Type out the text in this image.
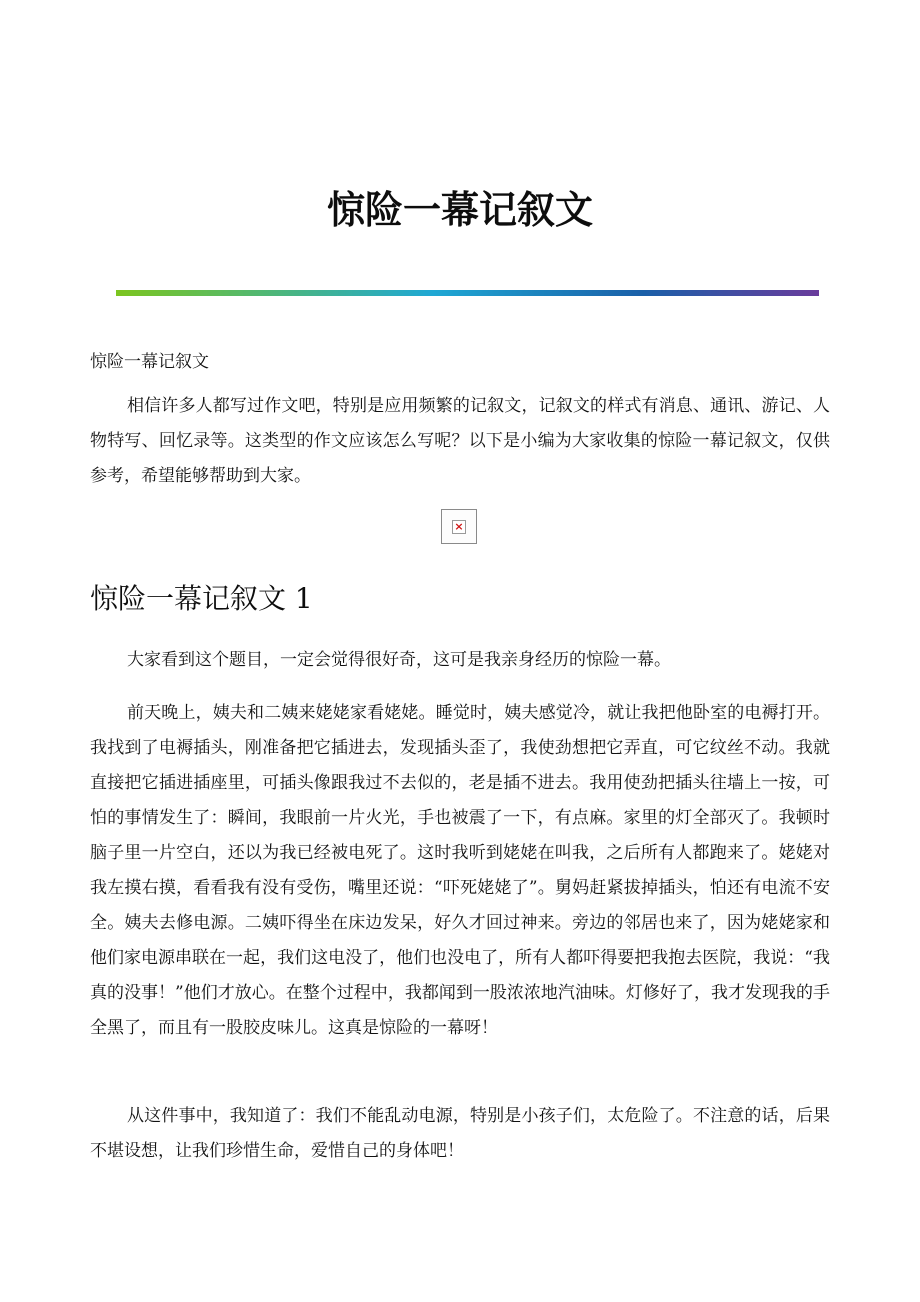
惊险一幕记叙文

惊险一幕记叙文

相信许多人都写过作文吧，特别是应用频繁的记叙文，记叙文的样式有消息、通讯、游记、人物特写、回忆录等。这类型的作文应该怎么写呢？以下是小编为大家收集的惊险一幕记叙文，仅供参考，希望能够帮助到大家。

×
惊险一幕记叙文 1

大家看到这个题目，一定会觉得很好奇，这可是我亲身经历的惊险一幕。

前天晚上，姨夫和二姨来姥姥家看姥姥。睡觉时，姨夫感觉冷，就让我把他卧室的电褥打开。我找到了电褥插头，刚准备把它插进去，发现插头歪了，我使劲想把它弄直，可它纹丝不动。我就直接把它插进插座里，可插头像跟我过不去似的，老是插不进去。我用使劲把插头往墙上一按，可怕的事情发生了：瞬间，我眼前一片火光，手也被震了一下，有点麻。家里的灯全部灭了。我顿时脑子里一片空白，还以为我已经被电死了。这时我听到姥姥在叫我，之后所有人都跑来了。姥姥对我左摸右摸，看看我有没有受伤，嘴里还说：“吓死姥姥了”。舅妈赶紧拔掉插头，怕还有电流不安全。姨夫去修电源。二姨吓得坐在床边发呆，好久才回过神来。旁边的邻居也来了，因为姥姥家和他们家电源串联在一起，我们这电没了，他们也没电了，所有人都吓得要把我抱去医院，我说：“我真的没事！”他们才放心。在整个过程中，我都闻到一股浓浓地汽油味。灯修好了，我才发现我的手全黑了，而且有一股胶皮味儿。这真是惊险的一幕呀！

从这件事中，我知道了：我们不能乱动电源，特别是小孩子们，太危险了。不注意的话，后果不堪设想，让我们珍惜生命，爱惜自己的身体吧！
